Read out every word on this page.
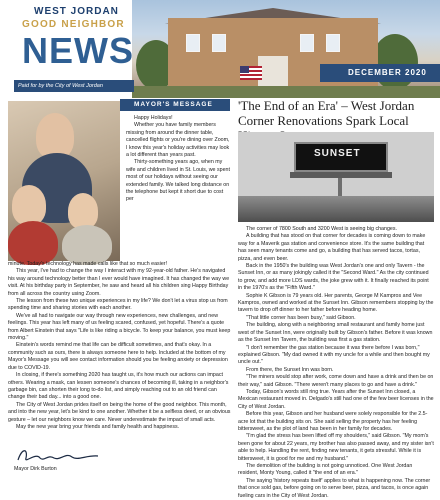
WEST JORDAN
GOOD NEIGHBOR
NEWS
Paid for by the City of West Jordan
DECEMBER 2020
MAYOR'S MESSAGE
Happy Holidays!
Whether you have family members missing from around the dinner table, cancelled flights or you're dining over Zoom, I know this year's holiday activities may look a lot different than years past.
Thirty-something years ago, when my wife and children lived in St. Louis, we spent most of our holidays without seeing our extended family. We talked long distance on the telephone but kept it short due to cost per
minute. Today's technology has made calls like that so much easier!
This year, I've had to change the way I interact with my 92-year-old father. He's navigated his way around technology better than I ever would have imagined. It has changed the way we visit. At his birthday party in September, he saw and heard all his children sing Happy Birthday from all across the country using Zoom.
The lesson from these two unique experiences in my life? We don't let a virus stop us from spending time and sharing stories with each another.
We've all had to navigate our way through new experiences, new challenges, and new feelings. This year has left many of us feeling scared, confused, yet hopeful. There's a quote from Albert Einstein that says "Life is like riding a bicycle. To keep your balance, you must keep moving."
Einstein's words remind me that life can be difficult sometimes, and that's okay. In a community such as ours, there is always someone here to help. Included at the bottom of my Mayor's Message you will see contact information should you be feeling anxiety or depression due to COVID-19.
In closing, if there's something 2020 has taught us, it's how much our actions can impact others. Wearing a mask, can lessen someone's chances of becoming ill, taking in a neighbor's garbage bin, can shorten their long to-do list, and simply reaching out to an old friend can change their bad day... into a good one.
The City of West Jordan prides itself on being the home of the good neighbor. This month, and into the new year, let's be kind to one another. Whether it be a selfless deed, or an obvious gesture – let our neighbors know we care. Never underestimate the impact of small acts.
May the new year bring your friends and family health and happiness.
Mayor Dirk Burton
'The End of an Era' – West Jordan Corner Renovations Spark Local
SUNSET
The corner of 7800 South and 3200 West is seeing big changes.
A building that has stood on that corner for decades is coming down to make way for a Maverik gas station and convenience store. It's the same building that has seen many tenants come and go, a building that has served tacos, tortas, pizza, and even beer.
Back in the 1950's the building was West Jordan's one and only Tavern - the Sunset Inn, or as many jokingly called it the "Second Ward." As the city continued to grow, and add more LDS wards, the joke grew with it. It finally reached its point in the 1970's as the "Fifth Ward."
Sophie K Gibson is 79 years old. Her parents, George M Kampros and Vee Kampros, owned and worked at the Sunset Inn. Gibson remembers stopping by the tavern to drop off dinner to her father before heading home.
"That little corner has been busy," said Gibson.
The building, along with a neighboring small restaurant and family home just west of the Sunset Inn, were originally built by Gibson's father. Before it was known as the Sunset Inn Tavern, the building was first a gas station.
"I don't remember the gas station because it was there before I was born," explained Gibson. "My dad owned it with my uncle for a while and then bought my uncle out."
From there, the Sunset Inn was born.
"The miners would stop after work, come down and have a drink and then be on their way," said Gibson. "There weren't many places to go and have a drink."
Today, Gibson's words still ring true. Years after the Sunset Inn closed, a Mexican restaurant moved in. Delgado's still had one of the few beer licenses in the City of West Jordan.
Before this year, Gibson and her husband were solely responsible for the 2.5-acre lot that the building sits on. She said selling the property has her feeling bittersweet, as the plot of land has been in her family for decades.
"I'm glad the stress has been lifted off my shoulders," said Gibson. "My mom's been gone for about 22 years, my brother has also passed away, and my sister isn't able to help. Handling the rent, finding new tenants, it gets stressful. While it is bittersweet, it is good for me and my husband."
The demolition of the building is not going unnoticed. One West Jordan resident, Monty Young, called it "the end of an era."
The saying 'history repeats itself' applies to what is happening now. The corner that once sold gas, before going on to serve beer, pizza, and tacos, is once again fueling cars in the City of West Jordan.
